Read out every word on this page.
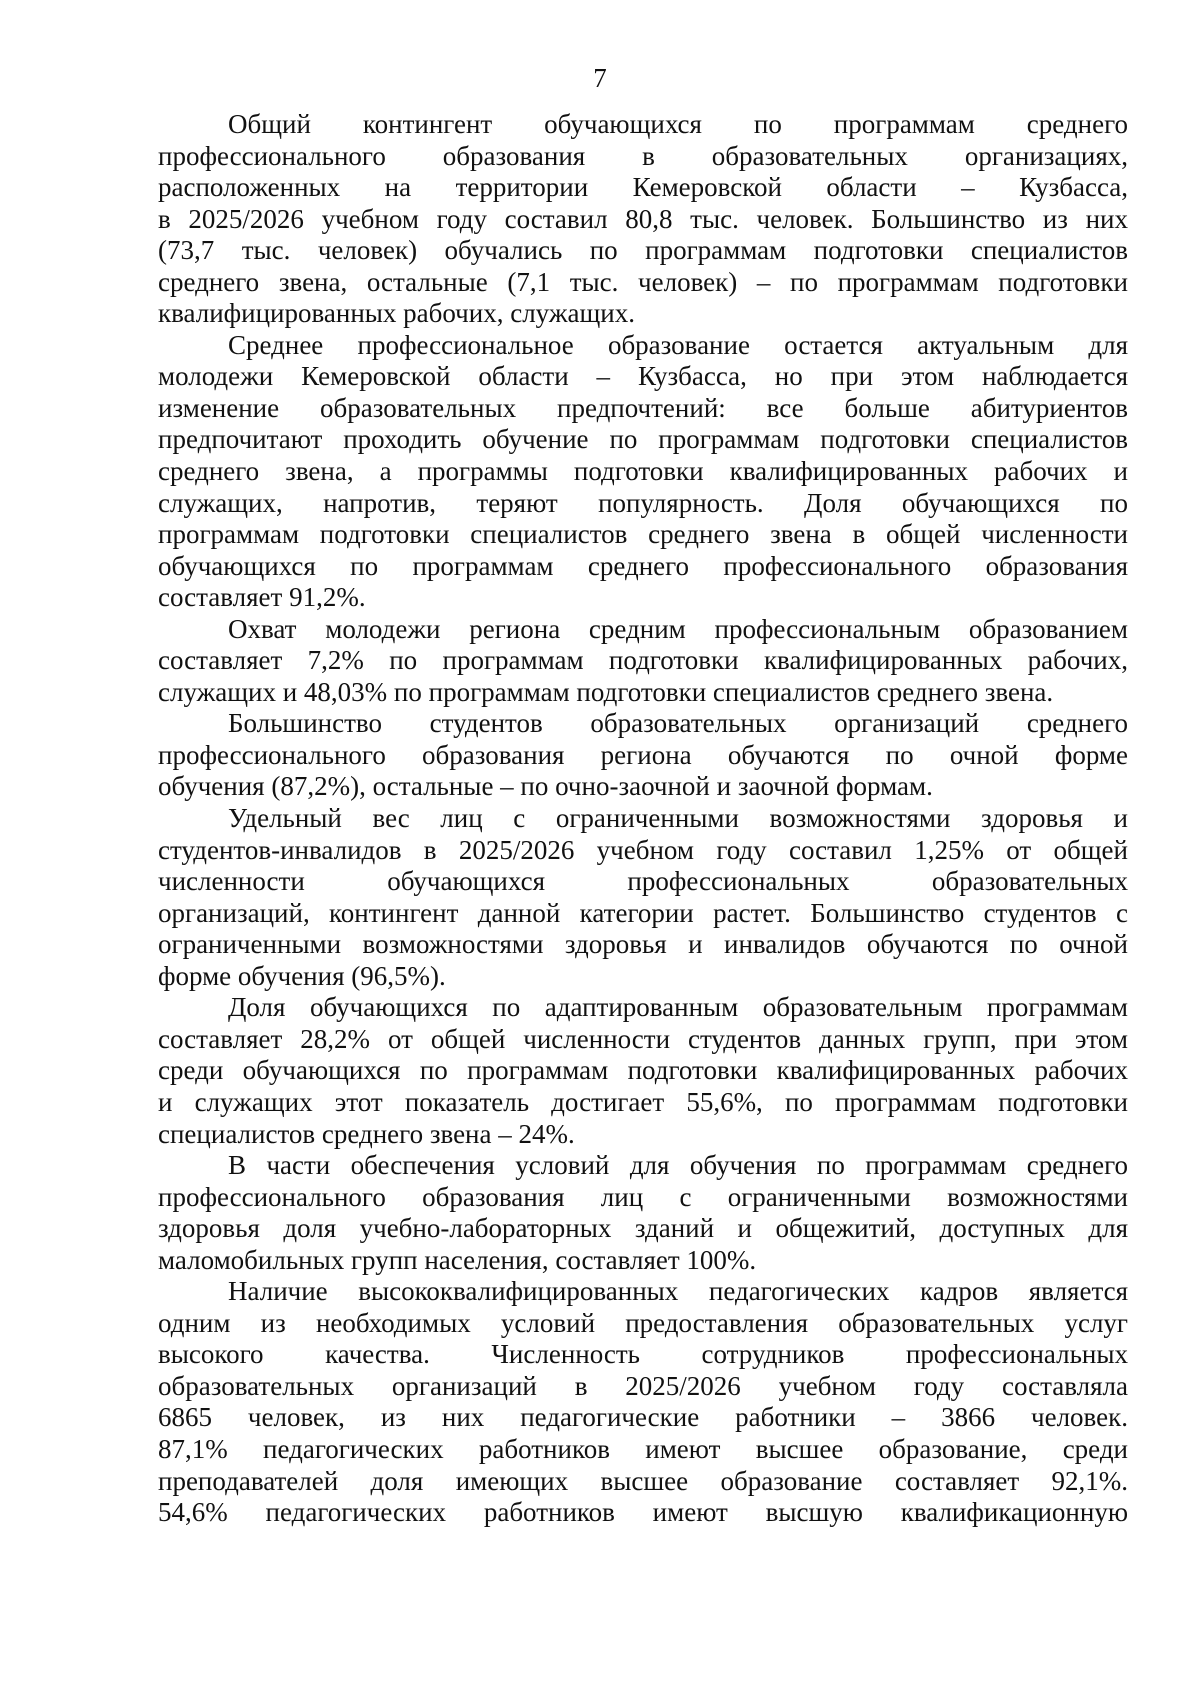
7
Общий контингент обучающихся по программам среднего
профессионального образования в образовательных организациях,
расположенных на территории Кемеровской области – Кузбасса,
в 2025/2026 учебном году составил 80,8 тыс. человек. Большинство из них
(73,7 тыс. человек) обучались по программам подготовки специалистов
среднего звена, остальные (7,1 тыс. человек) – по программам подготовки
квалифицированных рабочих, служащих.
Среднее профессиональное образование остается актуальным для
молодежи Кемеровской области – Кузбасса, но при этом наблюдается
изменение образовательных предпочтений: все больше абитуриентов
предпочитают проходить обучение по программам подготовки специалистов
среднего звена, а программы подготовки квалифицированных рабочих и
служащих, напротив, теряют популярность. Доля обучающихся по
программам подготовки специалистов среднего звена в общей численности
обучающихся по программам среднего профессионального образования
составляет 91,2%.
Охват молодежи региона средним профессиональным образованием
составляет 7,2% по программам подготовки квалифицированных рабочих,
служащих и 48,03% по программам подготовки специалистов среднего звена.
Большинство студентов образовательных организаций среднего
профессионального образования региона обучаются по очной форме
обучения (87,2%), остальные – по очно-заочной и заочной формам.
Удельный вес лиц с ограниченными возможностями здоровья и
студентов-инвалидов в 2025/2026 учебном году составил 1,25% от общей
численности обучающихся профессиональных образовательных
организаций, контингент данной категории растет. Большинство студентов с
ограниченными возможностями здоровья и инвалидов обучаются по очной
форме обучения (96,5%).
Доля обучающихся по адаптированным образовательным программам
составляет 28,2% от общей численности студентов данных групп, при этом
среди обучающихся по программам подготовки квалифицированных рабочих
и служащих этот показатель достигает 55,6%, по программам подготовки
специалистов среднего звена – 24%.
В части обеспечения условий для обучения по программам среднего
профессионального образования лиц с ограниченными возможностями
здоровья доля учебно-лабораторных зданий и общежитий, доступных для
маломобильных групп населения, составляет 100%.
Наличие высококвалифицированных педагогических кадров является
одним из необходимых условий предоставления образовательных услуг
высокого качества. Численность сотрудников профессиональных
образовательных организаций в 2025/2026 учебном году составляла
6865 человек, из них педагогические работники – 3866 человек.
87,1% педагогических работников имеют высшее образование, среди
преподавателей доля имеющих высшее образование составляет 92,1%.
54,6% педагогических работников имеют высшую квалификационную
